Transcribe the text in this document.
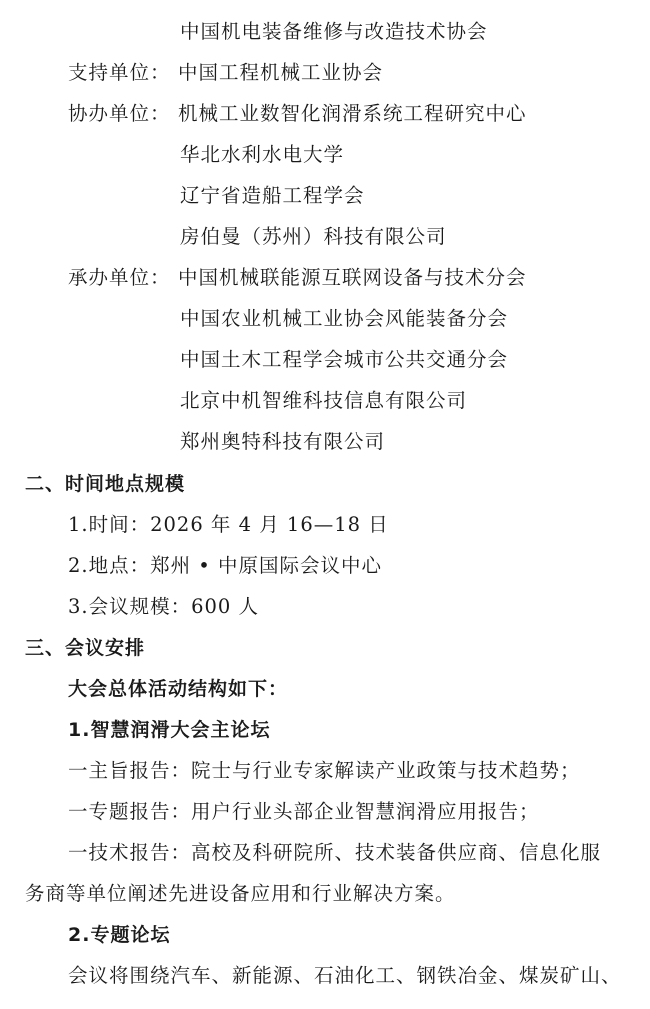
中国机电装备维修与改造技术协会
支持单位： 中国工程机械工业协会
协办单位： 机械工业数智化润滑系统工程研究中心
华北水利水电大学
辽宁省造船工程学会
房伯曼（苏州）科技有限公司
承办单位： 中国机械联能源互联网设备与技术分会
中国农业机械工业协会风能装备分会
中国土木工程学会城市公共交通分会
北京中机智维科技信息有限公司
郑州奥特科技有限公司
二、时间地点规模
1.时间：2026 年 4 月 16—18 日
2.地点：郑州 • 中原国际会议中心
3.会议规模：600 人
三、会议安排
大会总体活动结构如下：
1.智慧润滑大会主论坛
一主旨报告：院士与行业专家解读产业政策与技术趋势；
一专题报告：用户行业头部企业智慧润滑应用报告；
一技术报告：高校及科研院所、技术装备供应商、信息化服
务商等单位阐述先进设备应用和行业解决方案。
2.专题论坛
会议将围绕汽车、新能源、石油化工、钢铁冶金、煤炭矿山、
